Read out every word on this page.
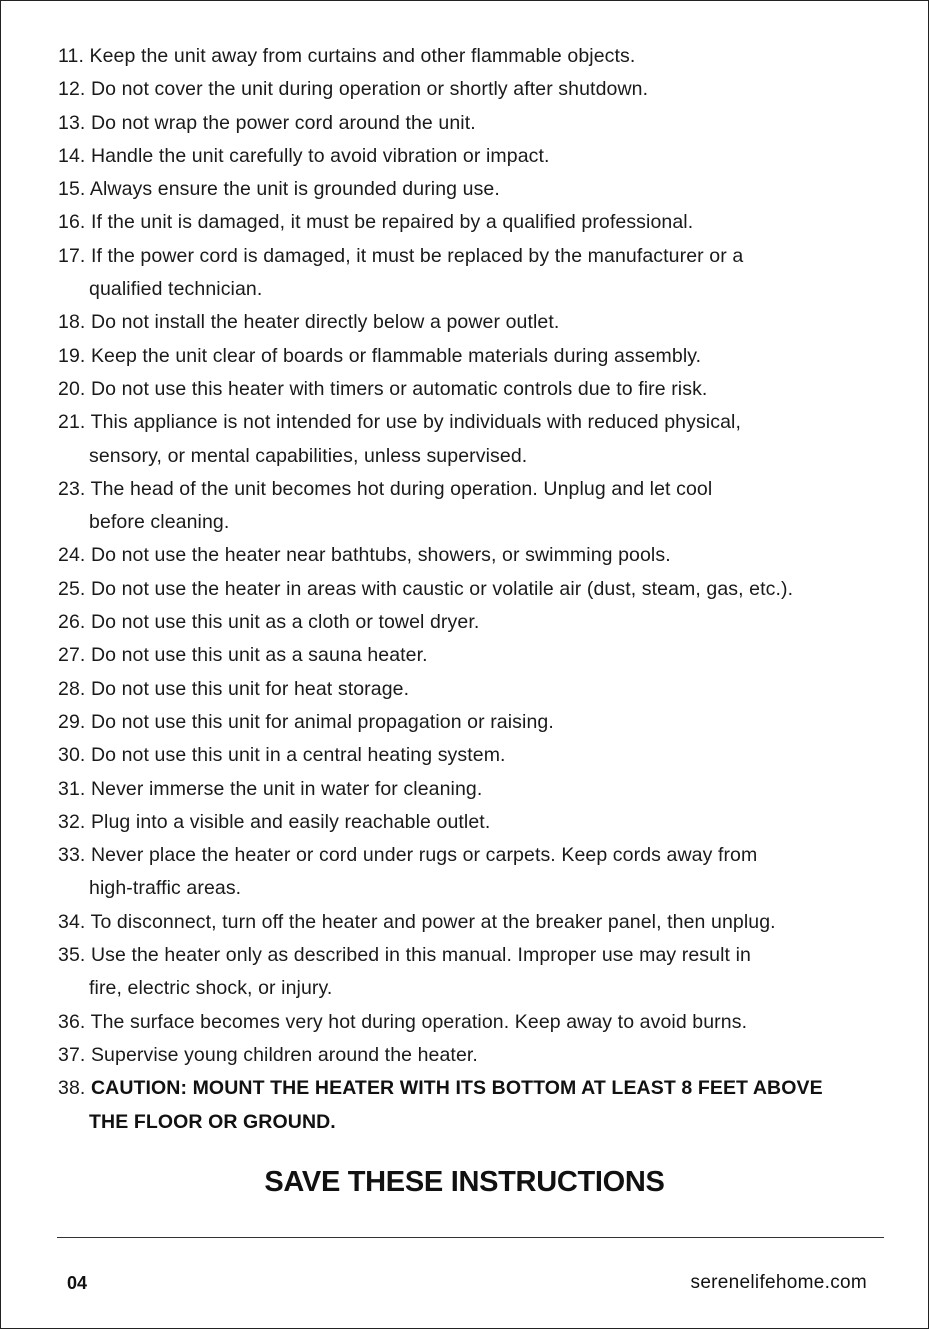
11. Keep the unit away from curtains and other flammable objects.
12. Do not cover the unit during operation or shortly after shutdown.
13. Do not wrap the power cord around the unit.
14. Handle the unit carefully to avoid vibration or impact.
15. Always ensure the unit is grounded during use.
16. If the unit is damaged, it must be repaired by a qualified professional.
17. If the power cord is damaged, it must be replaced by the manufacturer or a
qualified technician.
18. Do not install the heater directly below a power outlet.
19. Keep the unit clear of boards or flammable materials during assembly.
20. Do not use this heater with timers or automatic controls due to fire risk.
21. This appliance is not intended for use by individuals with reduced physical,
sensory, or mental capabilities, unless supervised.
23. The head of the unit becomes hot during operation. Unplug and let cool
before cleaning.
24. Do not use the heater near bathtubs, showers, or swimming pools.
25. Do not use the heater in areas with caustic or volatile air (dust, steam, gas, etc.).
26. Do not use this unit as a cloth or towel dryer.
27. Do not use this unit as a sauna heater.
28. Do not use this unit for heat storage.
29. Do not use this unit for animal propagation or raising.
30. Do not use this unit in a central heating system.
31. Never immerse the unit in water for cleaning.
32. Plug into a visible and easily reachable outlet.
33. Never place the heater or cord under rugs or carpets. Keep cords away from
high-traffic areas.
34. To disconnect, turn off the heater and power at the breaker panel, then unplug.
35. Use the heater only as described in this manual. Improper use may result in
fire, electric shock, or injury.
36. The surface becomes very hot during operation. Keep away to avoid burns.
37. Supervise young children around the heater.
38. CAUTION: MOUNT THE HEATER WITH ITS BOTTOM AT LEAST 8 FEET ABOVE
THE FLOOR OR GROUND.
SAVE THESE INSTRUCTIONS
04	serenelifehome.com
